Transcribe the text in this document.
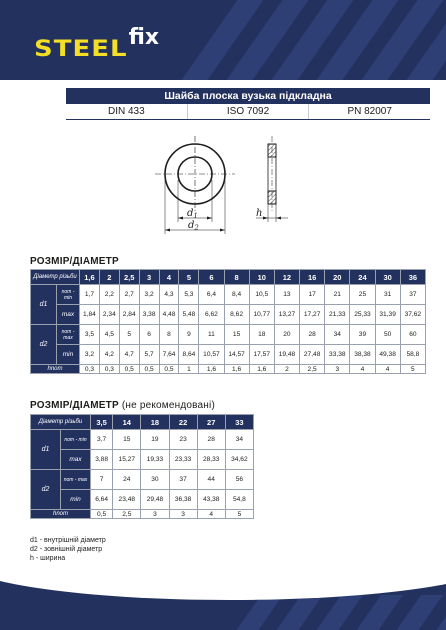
STEEL fix
Шайба плоска вузька підкладна
DIN 433	ISO 7092	PN 82007
$d_1$
$d_2$
h
РОЗМІР/ДІАМЕТР
Діаметр різьби		1,6	2	2,5	3	4	5	6	8	10	12	16	20	24	30	36
d1	nom - min	1,7	2,2	2,7	3,2	4,3	5,3	6,4	8,4	10,5	13	17	21	25	31	37
	max	1,84	2,34	2,84	3,38	4,48	5,48	6,62	8,62	10,77	13,27	17,27	21,33	25,33	31,39	37,62
d2	nom - max	3,5	4,5	5	6	8	9	11	15	18	20	28	34	39	50	60
	min	3,2	4,2	4,7	5,7	7,64	8,64	10,57	14,57	17,57	19,48	27,48	33,38	38,38	49,38	58,8
hnom		0,3	0,3	0,5	0,5	0,5	1	1,6	1,6	1,6	2	2,5	3	4	4	5
РОЗМІР/ДІАМЕТР (не рекомендовані)
Діаметр різьби		3,5	14	18	22	27	33
d1	nom - min	3,7	15	19	23	28	34
	max	3,88	15,27	19,33	23,33	28,33	34,62
d2	nom - max	7	24	30	37	44	56
	min	6,64	23,48	29,48	36,38	43,38	54,8
hnom		0,5	2,5	3	3	4	5
d1 - внутрішній діаметр
d2 - зовнішній діаметр
h - ширина
